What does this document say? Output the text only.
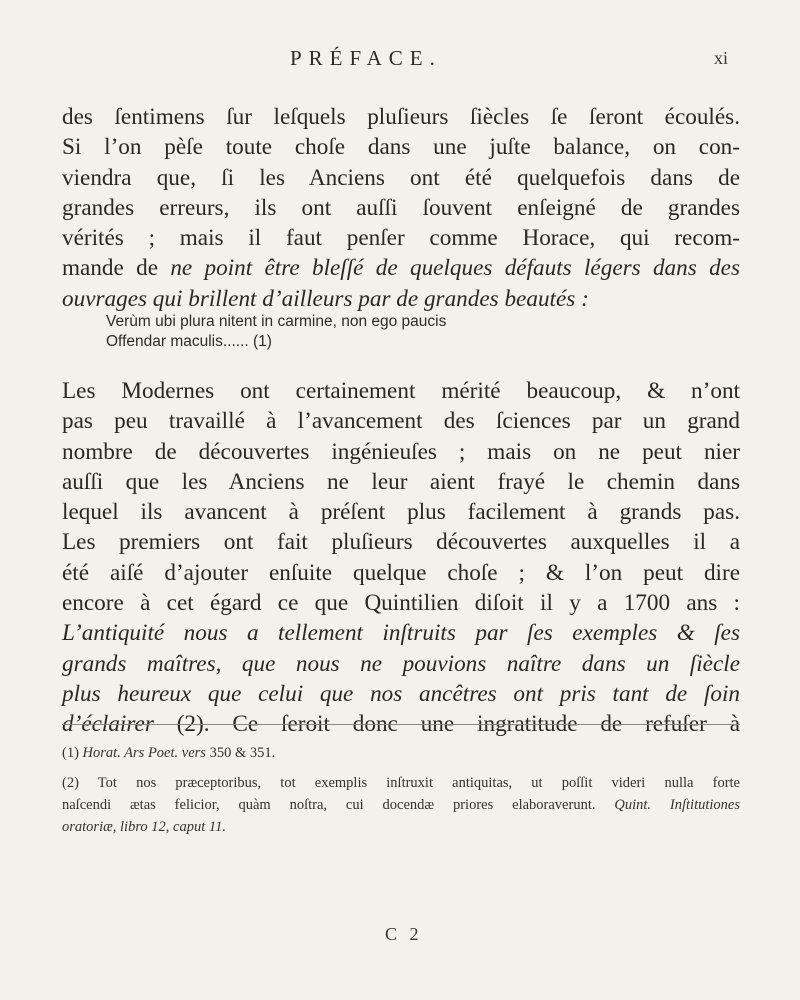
PRÉFACE.	xi
des ſentimens ſur leſquels pluſieurs ſiècles ſe ſeront écoulés.
Si l’on pèſe toute choſe dans une juſte balance, on con-
viendra que, ſi les Anciens ont été quelquefois dans de
grandes erreurs, ils ont auſſi ſouvent enſeigné de grandes
vérités ; mais il faut penſer comme Horace, qui recom-
mande de ne point être bleſſé de quelques défauts légers dans des
ouvrages qui brillent d’ailleurs par de grandes beautés :
Verùm ubi plura nitent in carmine, non ego paucis
Offendar maculis...... (1)
Les Modernes ont certainement mérité beaucoup, & n’ont
pas peu travaillé à l’avancement des ſciences par un grand
nombre de découvertes ingénieuſes ; mais on ne peut nier
auſſi que les Anciens ne leur aient frayé le chemin dans
lequel ils avancent à préſent plus facilement à grands pas.
Les premiers ont fait pluſieurs découvertes auxquelles il a
été aiſé d’ajouter enſuite quelque choſe ; & l’on peut dire
encore à cet égard ce que Quintilien diſoit il y a 1700 ans :
L’antiquité nous a tellement inſtruits par ſes exemples & ſes
grands maîtres, que nous ne pouvions naître dans un ſiècle
plus heureux que celui que nos ancêtres ont pris tant de ſoin
d’éclairer (2). Ce ſeroit donc une ingratitude de refuſer à
(1) Horat. Ars Poet. vers 350 & 351.
(2) Tot nos præceptoribus, tot exemplis inſtruxit antiquitas, ut poſſit videri nulla forte
naſcendi ætas felicior, quàm noſtra, cui docendæ priores elaboraverunt. Quint. Inſtitutiones
oratoriæ, libro 12, caput 11.
C 2
